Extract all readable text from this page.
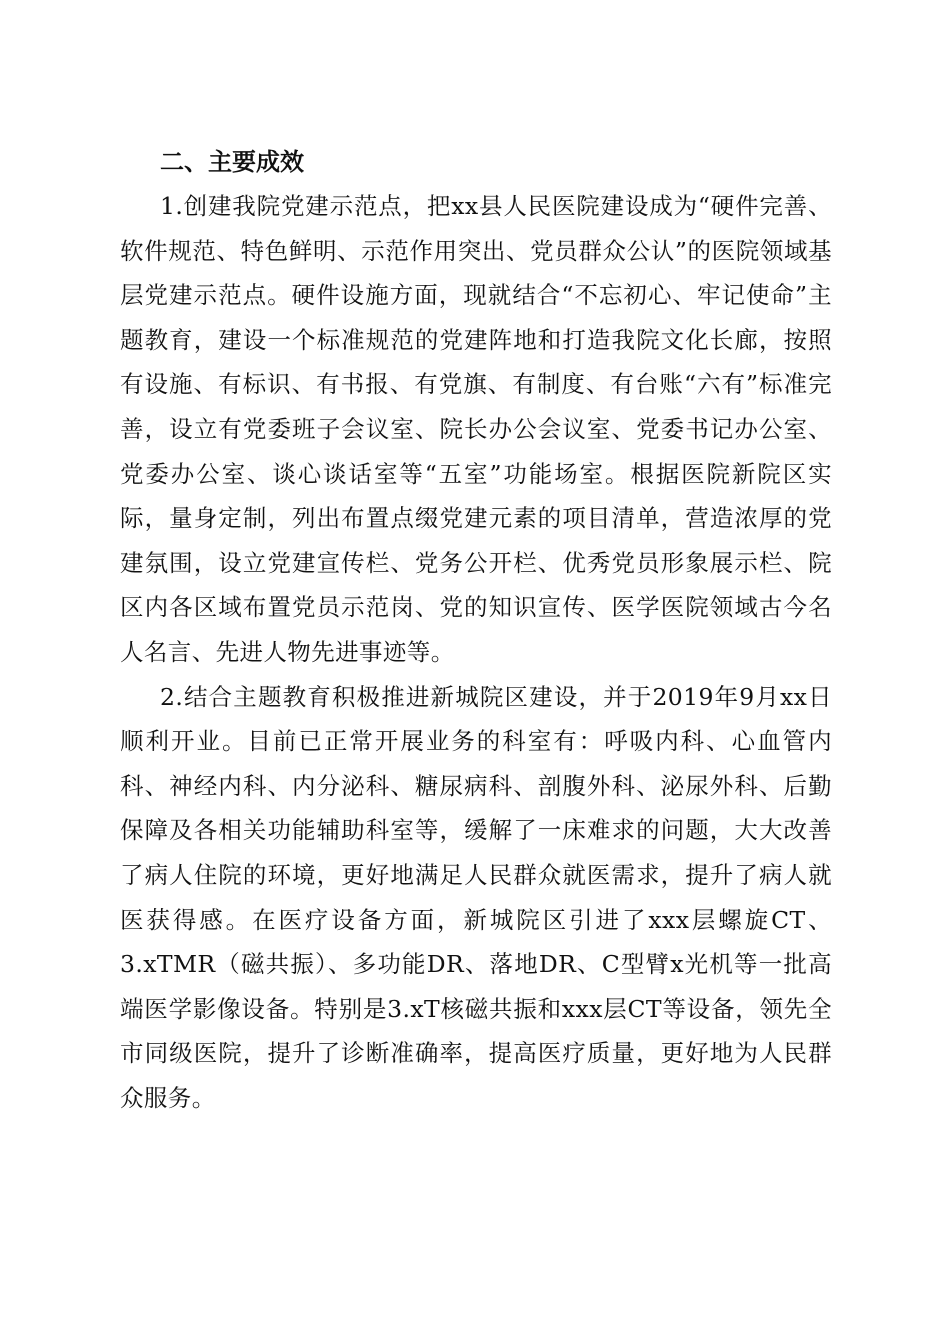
二、主要成效

1.创建我院党建示范点，把xx县人民医院建设成为“硬件完善、软件规范、特色鲜明、示范作用突出、党员群众公认”的医院领域基层党建示范点。硬件设施方面，现就结合“不忘初心、牢记使命”主题教育，建设一个标准规范的党建阵地和打造我院文化长廊，按照有设施、有标识、有书报、有党旗、有制度、有台账“六有”标准完善，设立有党委班子会议室、院长办公会议室、党委书记办公室、党委办公室、谈心谈话室等“五室”功能场室。根据医院新院区实际，量身定制，列出布置点缀党建元素的项目清单，营造浓厚的党建氛围，设立党建宣传栏、党务公开栏、优秀党员形象展示栏、院区内各区域布置党员示范岗、党的知识宣传、医学医院领域古今名人名言、先进人物先进事迹等。

2.结合主题教育积极推进新城院区建设，并于2019年9月xx日顺利开业。目前已正常开展业务的科室有：呼吸内科、心血管内科、神经内科、内分泌科、糖尿病科、剖腹外科、泌尿外科、后勤保障及各相关功能辅助科室等，缓解了一床难求的问题，大大改善了病人住院的环境，更好地满足人民群众就医需求，提升了病人就医获得感。在医疗设备方面，新城院区引进了xxx层螺旋CT、3.xTMR（磁共振）、多功能DR、落地DR、C型臂x光机等一批高端医学影像设备。特别是3.xT核磁共振和xxx层CT等设备，领先全市同级医院，提升了诊断准确率，提高医疗质量，更好地为人民群众服务。
